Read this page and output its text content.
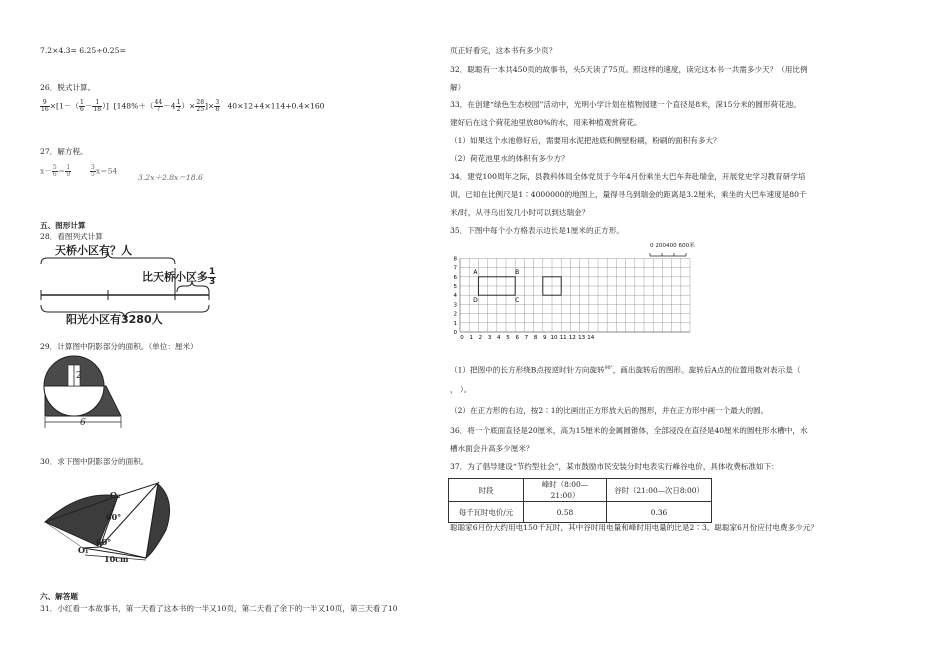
7.2×4.3= 6.25÷0.25=
26．脱式计算。
$\frac{9}{16} \times[1-( \frac{1}{6} - \frac{1}{18}$ ）] [$148\%+( \frac{44}{7} -4 \frac{1}{2}$ ）× $\frac{28}{25}$ ]× $\frac{3}{8} 40\times 12+4\times 114+0.4\times 160$
27．解方程。
$x- \frac{5}{6} = \frac{1}{9}$	$\frac{3}{5} x=54$
3.2x＋2.8x＝18.6
五、图形计算
28．看图列式计算
天桥小区有？人
比天桥小区多 $\frac{1}{3}$
阳光小区有3280人
29．计算图中阴影部分的面积。（单位：厘米）
2
6
30．求下图中阴影部分的面积。
O₂
O₁
60°
60°
10cm
六、解答题
31．小红看一本故事书，第一天看了这本书的一半又10页，第二天看了余下的一半又10页，第三天看了10
页正好看完，这本书有多少页？
32．聪聪有一本共450页的故事书，头5天读了75页。照这样的速度，读完这本书一共需多少天？（用比例
解）
33．在创建“绿色生态校园”活动中，光明小学计划在植物园建一个直径是8米，深15分米的圆形荷花池。
建好后在这个荷花池里放80%的水，用来种植观赏荷花。
（1）如果这个水池修好后，需要用水泥把池底和侧壁粉刷，粉刷的面积有多大？
（2）荷花池里水的体积有多少方？
34．建党100周年之际，县教科体局全体党员于今年4月份乘坐大巴车奔赴瑞金，开展党史学习教育研学培
训。已知在比例尺是1∶4000000的地图上，量得寻乌到瑞金的距离是3.2厘米，乘坐的大巴车速度是80千
米/时，从寻乌出发几小时可以到达瑞金？
35．下图中每个小方格表示边长是1厘米的正方形。
0 200400 600米
0 1 2 3 4 5 6 7 8 9 10 11 12 13 14
0
1
2
3
4
5
6
7
8
A	B
D	C
（1）把图中的长方形绕B点按逆时针方向旋转$^{90^\circ}$，画出旋转后的图形。旋转后A点的位置用数对表示是（
， ）。
（2）在正方形的右边，按2∶1的比画出正方形放大后的图形，并在正方形中画一个最大的圆。
36．将一个底面直径是20厘米，高为15厘米的金属圆锥体，全部浸没在直径是40厘米的圆柱形水槽中，水
槽水面会升高多少厘米？
37．为了倡导建设“节约型社会”，某市鼓励市民安装分时电表实行峰谷电价，具体收费标准如下：
时段	峰时（8:00—21:00）	谷时（21:00—次日8:00）
每千瓦时电价/元	0.58	0.36
聪聪家6月份大约用电150千瓦时，其中谷时用电量和峰时用电量的比是2∶3。聪聪家6月份应付电费多少元？
